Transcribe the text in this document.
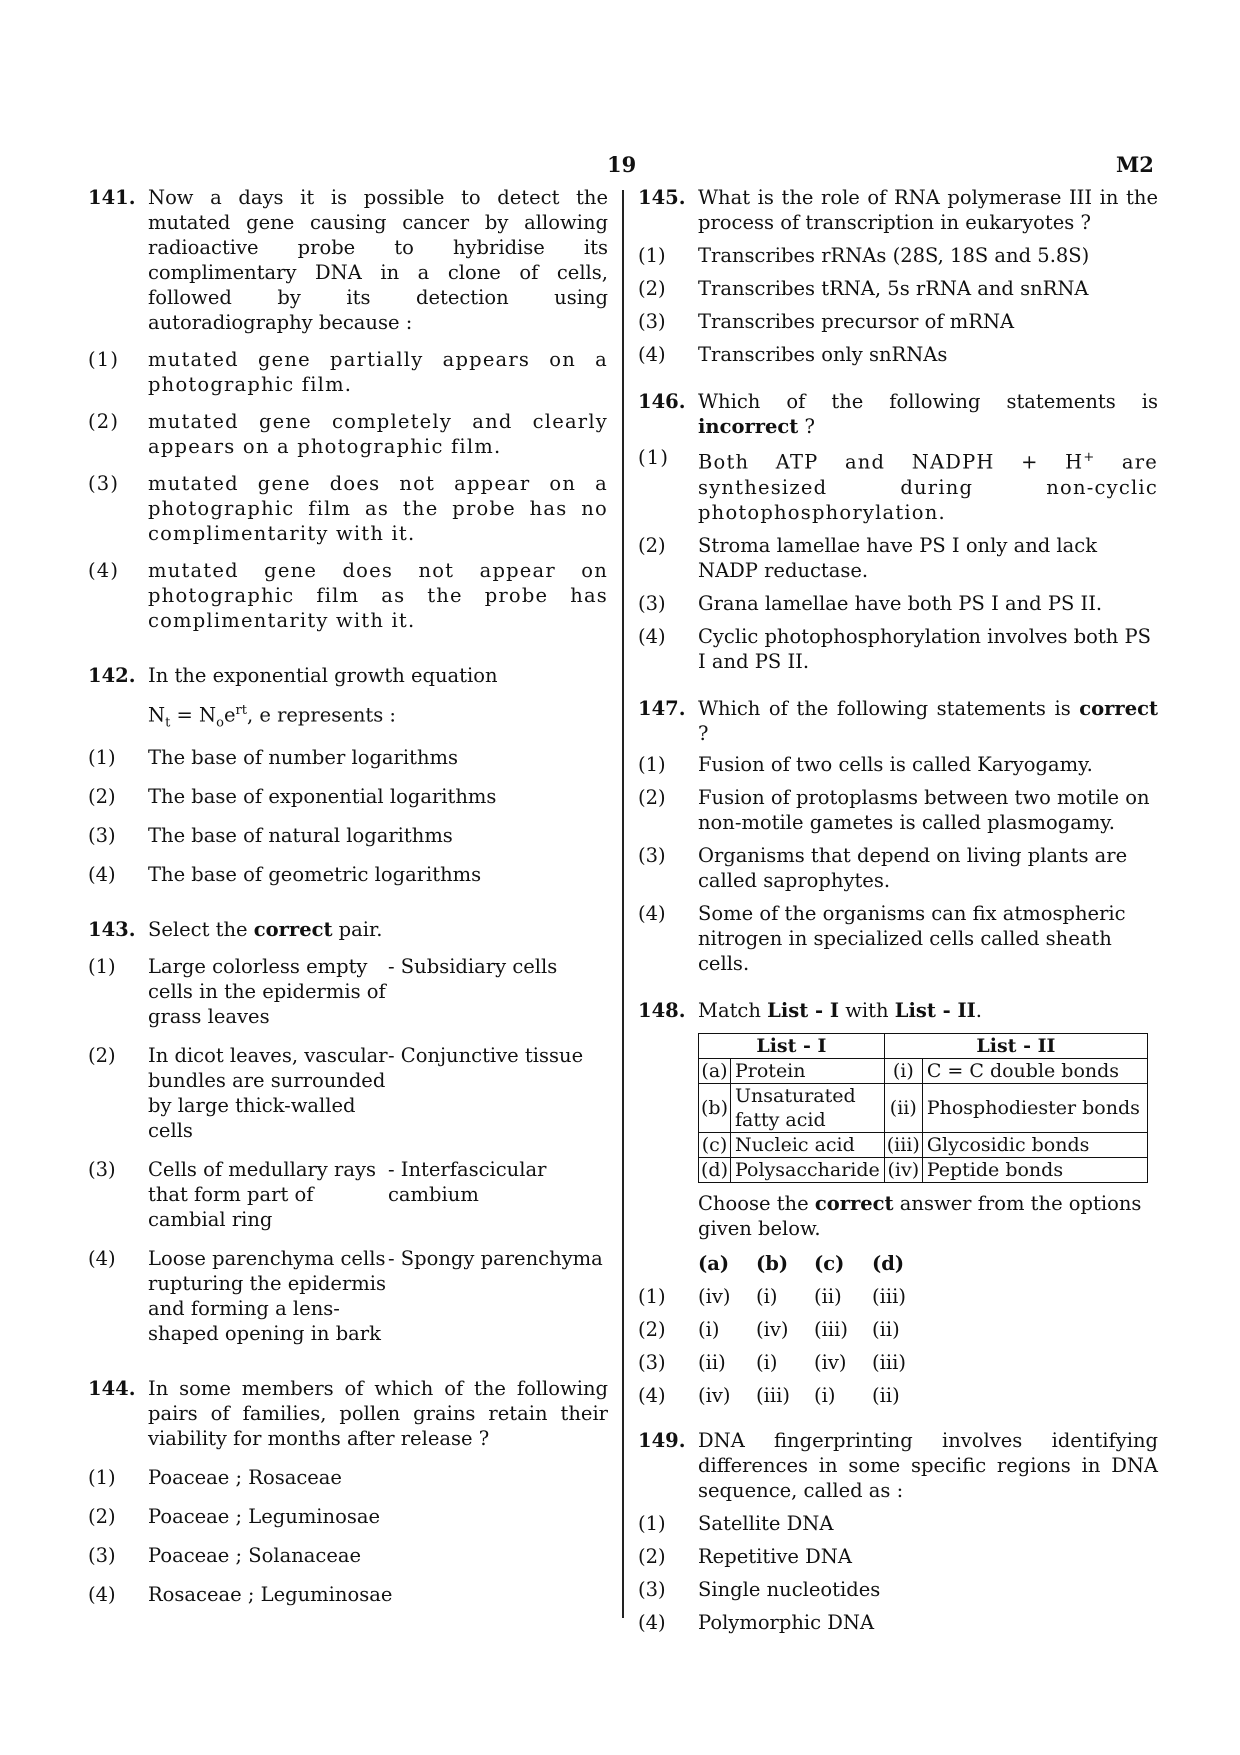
19	M2
141. Now a days it is possible to detect the mutated gene causing cancer by allowing radioactive probe to hybridise its complimentary DNA in a clone of cells, followed by its detection using autoradiography because :
(1) mutated gene partially appears on a photographic film.
(2) mutated gene completely and clearly appears on a photographic film.
(3) mutated gene does not appear on a photographic film as the probe has no complimentarity with it.
(4) mutated gene does not appear on photographic film as the probe has complimentarity with it.
142. In the exponential growth equation
$N_t = N_oe^{rt}$, e represents :
(1) The base of number logarithms
(2) The base of exponential logarithms
(3) The base of natural logarithms
(4) The base of geometric logarithms
143. Select the correct pair.
(1) Large colorless empty cells in the epidermis of grass leaves
- Subsidiary cells
(2) In dicot leaves, vascular bundles are surrounded by large thick-walled cells
- Conjunctive tissue
(3) Cells of medullary rays that form part of cambial ring
- Interfascicular cambium
(4) Loose parenchyma cells rupturing the epidermis and forming a lens-shaped opening in bark
- Spongy parenchyma
144. In some members of which of the following pairs of families, pollen grains retain their viability for months after release ?
(1) Poaceae ; Rosaceae
(2) Poaceae ; Leguminosae
(3) Poaceae ; Solanaceae
(4) Rosaceae ; Leguminosae
145. What is the role of RNA polymerase III in the process of transcription in eukaryotes ?
(1) Transcribes rRNAs (28S, 18S and 5.8S)
(2) Transcribes tRNA, 5s rRNA and snRNA
(3) Transcribes precursor of mRNA
(4) Transcribes only snRNAs
146. Which of the following statements is incorrect ?
(1) Both ATP and NADPH + H+ are synthesized during non-cyclic photophosphorylation.
(2) Stroma lamellae have PS I only and lack NADP reductase.
(3) Grana lamellae have both PS I and PS II.
(4) Cyclic photophosphorylation involves both PS I and PS II.
147. Which of the following statements is correct ?
(1) Fusion of two cells is called Karyogamy.
(2) Fusion of protoplasms between two motile on non-motile gametes is called plasmogamy.
(3) Organisms that depend on living plants are called saprophytes.
(4) Some of the organisms can fix atmospheric nitrogen in specialized cells called sheath cells.
148. Match List - I with List - II.
List - I		List - II	
(a)	Protein	(i)	C = C double bonds
(b)	Unsaturated fatty acid	(ii)	Phosphodiester bonds
(c)	Nucleic acid	(iii)	Glycosidic bonds
(d)	Polysaccharide	(iv)	Peptide bonds
Choose the correct answer from the options given below.
(a)	(b)	(c)	(d)
(1)	(iv)	(i)	(ii)	(iii)
(2)	(i)	(iv)	(iii)	(ii)
(3)	(ii)	(i)	(iv)	(iii)
(4)	(iv)	(iii)	(i)	(ii)
149. DNA fingerprinting involves identifying differences in some specific regions in DNA sequence, called as :
(1) Satellite DNA
(2) Repetitive DNA
(3) Single nucleotides
(4) Polymorphic DNA
